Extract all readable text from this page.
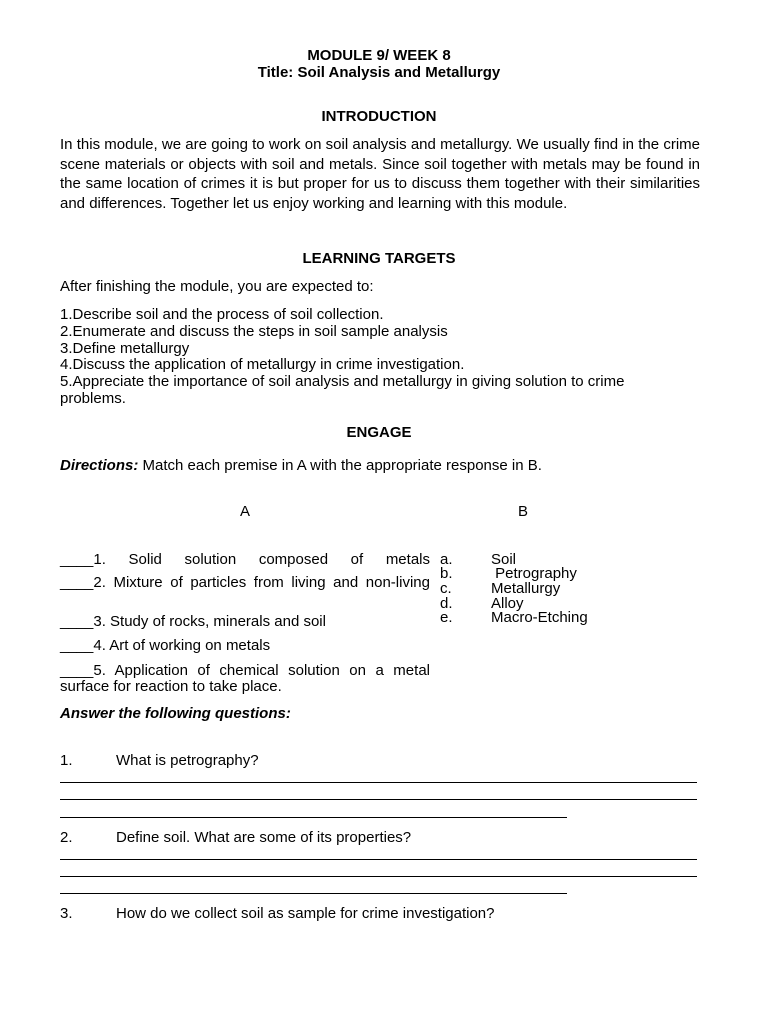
MODULE 9/ WEEK 8
Title: Soil Analysis and Metallurgy
INTRODUCTION
In this module, we are going to work on soil analysis and metallurgy. We usually find in the crime scene materials or objects with soil and metals. Since soil together with metals may be found in the same location of crimes it is but proper for us to discuss them together with their similarities and differences. Together let us enjoy working and learning with this module.
LEARNING TARGETS
After finishing the module, you are expected to:
1.Describe soil and the process of soil collection.
2.Enumerate and discuss the steps in soil sample analysis
3.Define metallurgy
4.Discuss the application of metallurgy in crime investigation.
5.Appreciate the importance of soil analysis and metallurgy in giving solution to crime
problems.
ENGAGE
Directions: Match each premise in A with the appropriate response in B.
A	B
____1. Solid solution composed of metals
____2. Mixture of particles from living and non-living
____3. Study of rocks, minerals and soil
____4. Art of working on metals
____5. Application of chemical solution on a metal surface for reaction to take place.
a.	Soil
b.	Petrography
c.	Metallurgy
d.	Alloy
e.	Macro-Etching
Answer the following questions:
1.	What is petrography?
2.	Define soil. What are some of its properties?
3.	How do we collect soil as sample for crime investigation?
